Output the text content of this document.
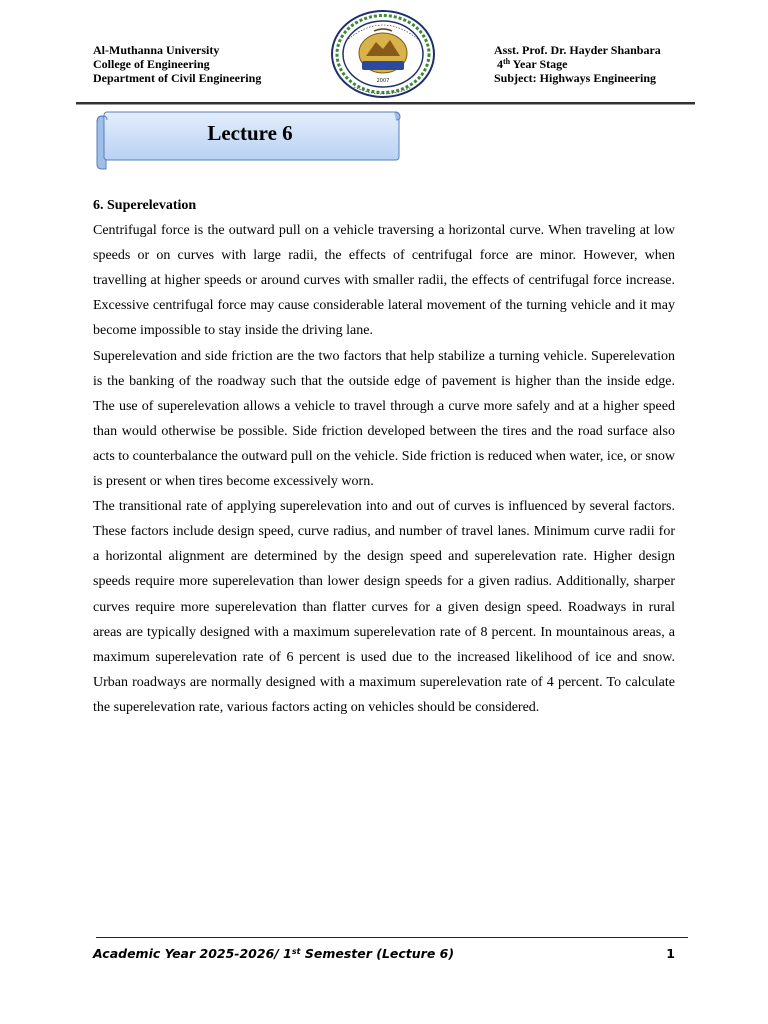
Al-Muthanna University
College of Engineering
Department of Civil Engineering	2007
Asst. Prof. Dr. Hayder Shanbara
4th Year Stage
Subject: Highways Engineering
Lecture 6

6. Superelevation

Centrifugal force is the outward pull on a vehicle traversing a horizontal curve. When traveling at low speeds or on curves with large radii, the effects of centrifugal force are minor. However, when travelling at higher speeds or around curves with smaller radii, the effects of centrifugal force increase. Excessive centrifugal force may cause considerable lateral movement of the turning vehicle and it may become impossible to stay inside the driving lane.

Superelevation and side friction are the two factors that help stabilize a turning vehicle. Superelevation is the banking of the roadway such that the outside edge of pavement is higher than the inside edge. The use of superelevation allows a vehicle to travel through a curve more safely and at a higher speed than would otherwise be possible. Side friction developed between the tires and the road surface also acts to counterbalance the outward pull on the vehicle. Side friction is reduced when water, ice, or snow is present or when tires become excessively worn.

The transitional rate of applying superelevation into and out of curves is influenced by several factors. These factors include design speed, curve radius, and number of travel lanes. Minimum curve radii for a horizontal alignment are determined by the design speed and superelevation rate. Higher design speeds require more superelevation than lower design speeds for a given radius. Additionally, sharper curves require more superelevation than flatter curves for a given design speed. Roadways in rural areas are typically designed with a maximum superelevation rate of 8 percent. In mountainous areas, a maximum superelevation rate of 6 percent is used due to the increased likelihood of ice and snow. Urban roadways are normally designed with a maximum superelevation rate of 4 percent. To calculate the superelevation rate, various factors acting on vehicles should be considered.

Academic Year 2025-2026/ 1st Semester (Lecture 6)	1
